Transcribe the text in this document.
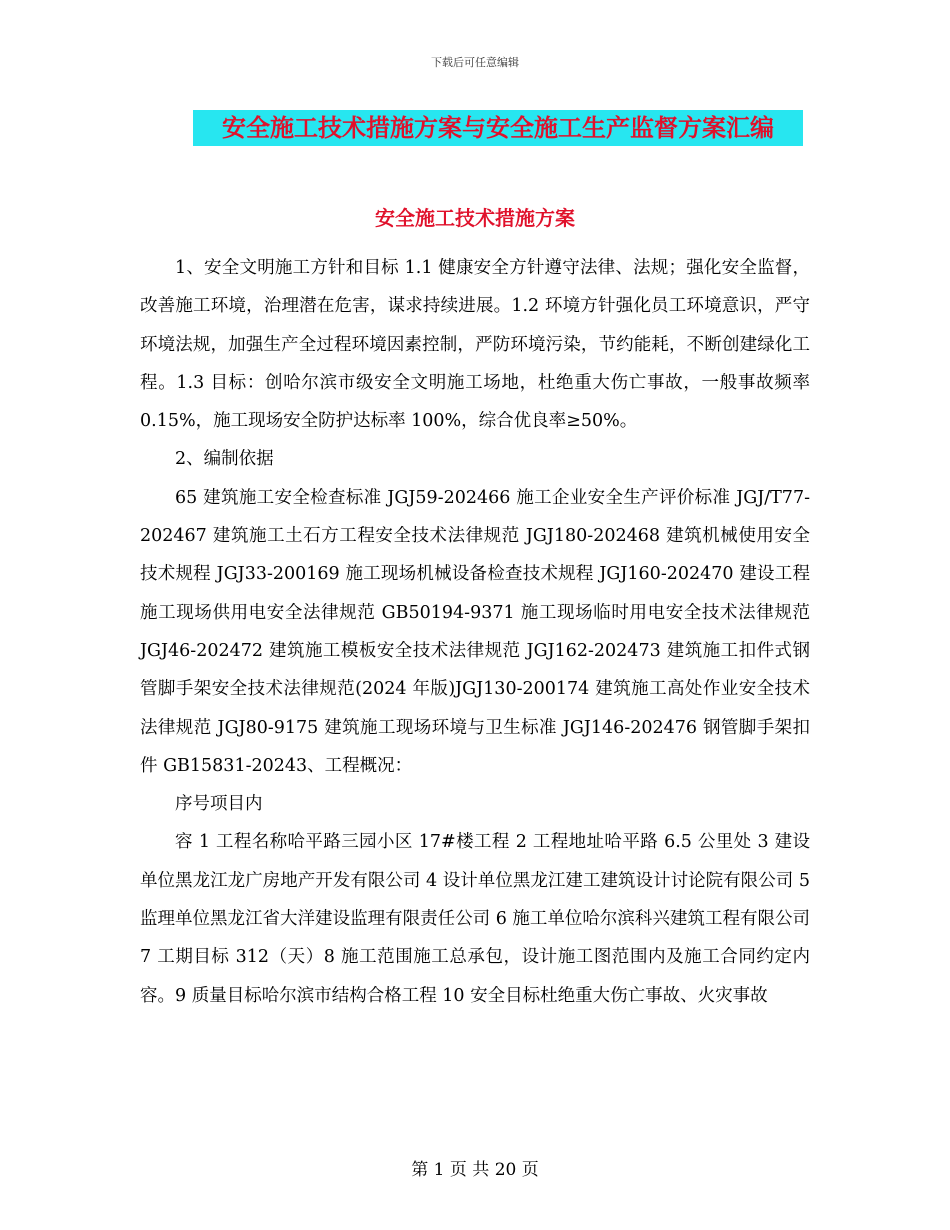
下载后可任意编辑
安全施工技术措施方案与安全施工生产监督方案汇编
安全施工技术措施方案

1、安全文明施工方针和目标 1.1 健康安全方针遵守法律、法规；强化安全监督，改善施工环境，治理潜在危害，谋求持续进展。1.2 环境方针强化员工环境意识，严守环境法规，加强生产全过程环境因素控制，严防环境污染，节约能耗，不断创建绿化工程。1.3 目标：创哈尔滨市级安全文明施工场地，杜绝重大伤亡事故，一般事故频率 0.15%，施工现场安全防护达标率 100%，综合优良率≥50%。

2、编制依据

65 建筑施工安全检查标准 JGJ59-202466 施工企业安全生产评价标准 JGJ/T77-202467 建筑施工土石方工程安全技术法律规范 JGJ180-202468 建筑机械使用安全技术规程 JGJ33-200169 施工现场机械设备检查技术规程 JGJ160-202470 建设工程施工现场供用电安全法律规范 GB50194-9371 施工现场临时用电安全技术法律规范 JGJ46-202472 建筑施工模板安全技术法律规范 JGJ162-202473 建筑施工扣件式钢管脚手架安全技术法律规范(2024 年版)JGJ130-200174 建筑施工高处作业安全技术法律规范 JGJ80-9175 建筑施工现场环境与卫生标准 JGJ146-202476 钢管脚手架扣件 GB15831-20243、工程概况：

序号项目内

容 1 工程名称哈平路三园小区 17#楼工程 2 工程地址哈平路 6.5 公里处 3 建设单位黑龙江龙广房地产开发有限公司 4 设计单位黑龙江建工建筑设计讨论院有限公司 5 监理单位黑龙江省大洋建设监理有限责任公司 6 施工单位哈尔滨科兴建筑工程有限公司 7 工期目标 312（天）8 施工范围施工总承包，设计施工图范围内及施工合同约定内容。9 质量目标哈尔滨市结构合格工程 10 安全目标杜绝重大伤亡事故、火灾事故

第 1 页 共 20 页
